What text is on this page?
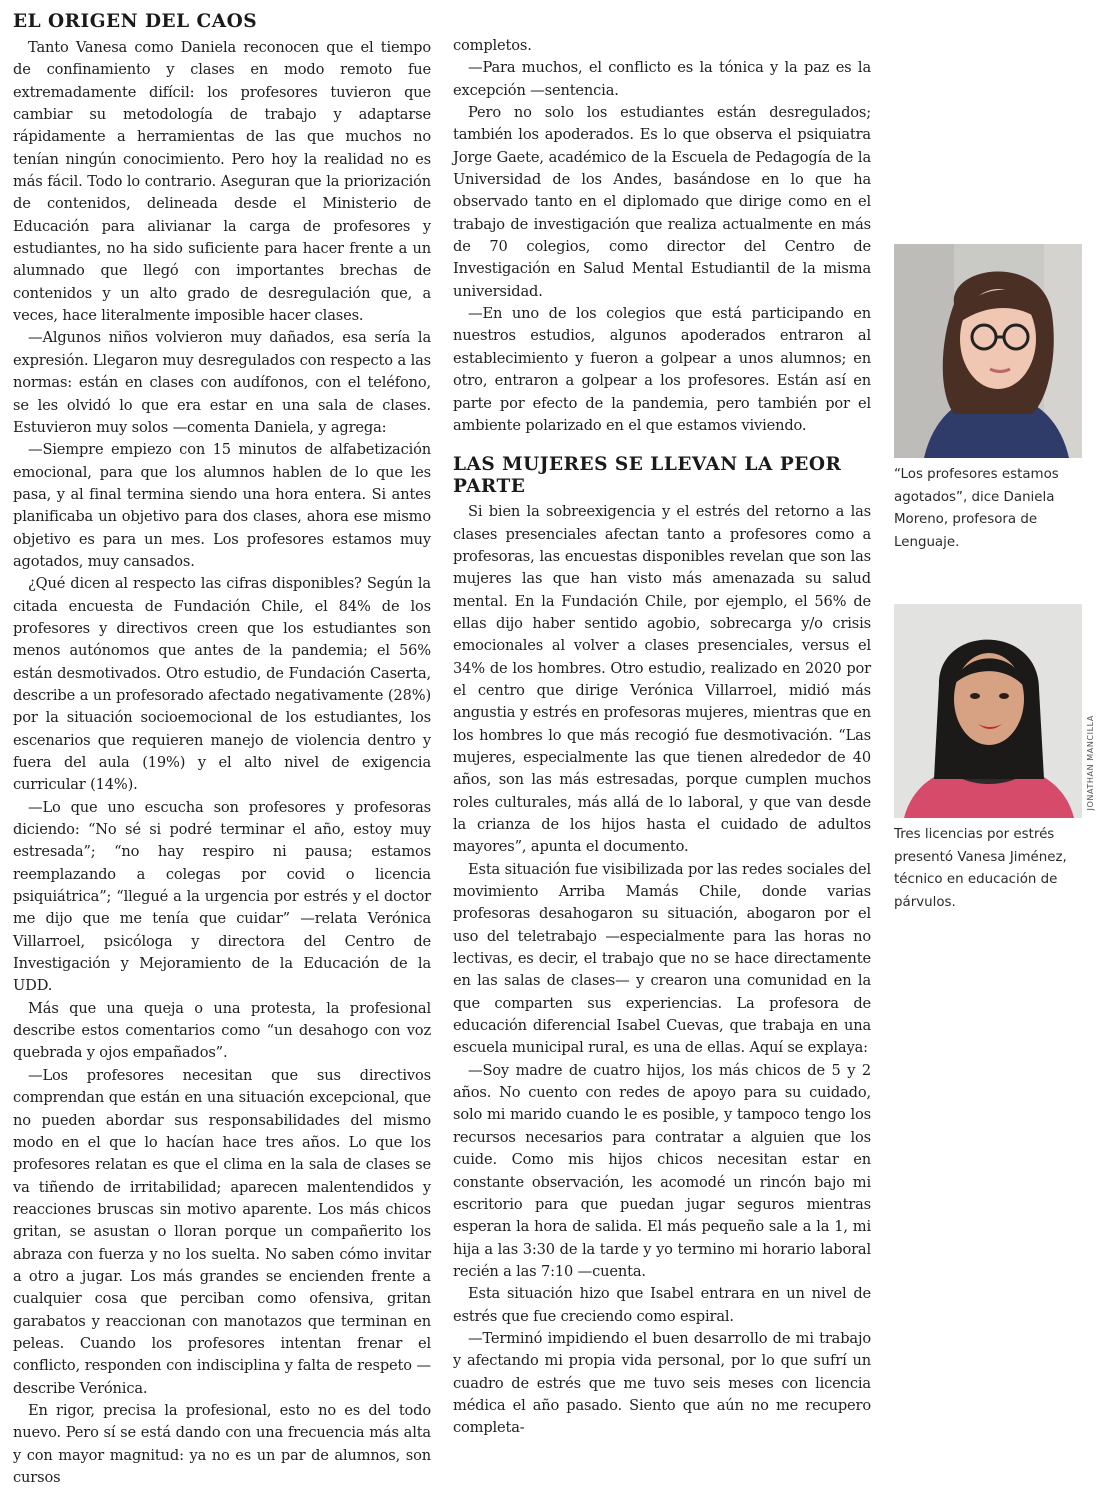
EL ORIGEN DEL CAOS

Tanto Vanesa como Daniela reconocen que el tiempo de confinamiento y clases en modo remoto fue extremadamente difícil: los profesores tuvieron que cambiar su metodología de trabajo y adaptarse rápidamente a herramientas de las que muchos no tenían ningún conocimiento. Pero hoy la realidad no es más fácil. Todo lo contrario. Aseguran que la priorización de contenidos, delineada desde el Ministerio de Educación para alivianar la carga de profesores y estudiantes, no ha sido suficiente para hacer frente a un alumnado que llegó con importantes brechas de contenidos y un alto grado de desregulación que, a veces, hace literalmente imposible hacer clases.

—Algunos niños volvieron muy dañados, esa sería la expresión. Llegaron muy desregulados con respecto a las normas: están en clases con audífonos, con el teléfono, se les olvidó lo que era estar en una sala de clases. Estuvieron muy solos —comenta Daniela, y agrega:

—Siempre empiezo con 15 minutos de alfabetización emocional, para que los alumnos hablen de lo que les pasa, y al final termina siendo una hora entera. Si antes planificaba un objetivo para dos clases, ahora ese mismo objetivo es para un mes. Los profesores estamos muy agotados, muy cansados.

¿Qué dicen al respecto las cifras disponibles? Según la citada encuesta de Fundación Chile, el 84% de los profesores y directivos creen que los estudiantes son menos autónomos que antes de la pandemia; el 56% están desmotivados. Otro estudio, de Fundación Caserta, describe a un profesorado afectado negativamente (28%) por la situación socioemocional de los estudiantes, los escenarios que requieren manejo de violencia dentro y fuera del aula (19%) y el alto nivel de exigencia curricular (14%).

—Lo que uno escucha son profesores y profesoras diciendo: “No sé si podré terminar el año, estoy muy estresada”; “no hay respiro ni pausa; estamos reemplazando a colegas por covid o licencia psiquiátrica”; “llegué a la urgencia por estrés y el doctor me dijo que me tenía que cuidar” —relata Verónica Villarroel, psicóloga y directora del Centro de Investigación y Mejoramiento de la Educación de la UDD.

Más que una queja o una protesta, la profesional describe estos comentarios como “un desahogo con voz quebrada y ojos empañados”.

—Los profesores necesitan que sus directivos comprendan que están en una situación excepcional, que no pueden abordar sus responsabilidades del mismo modo en el que lo hacían hace tres años. Lo que los profesores relatan es que el clima en la sala de clases se va tiñendo de irritabilidad; aparecen malentendidos y reacciones bruscas sin motivo aparente. Los más chicos gritan, se asustan o lloran porque un compañerito los abraza con fuerza y no los suelta. No saben cómo invitar a otro a jugar. Los más grandes se encienden frente a cualquier cosa que perciban como ofensiva, gritan garabatos y reaccionan con manotazos que terminan en peleas. Cuando los profesores intentan frenar el conflicto, responden con indisciplina y falta de respeto —describe Verónica.

En rigor, precisa la profesional, esto no es del todo nuevo. Pero sí se está dando con una frecuencia más alta y con mayor magnitud: ya no es un par de alumnos, son cursos

completos.

—Para muchos, el conflicto es la tónica y la paz es la excepción —sentencia.

Pero no solo los estudiantes están desregulados; también los apoderados. Es lo que observa el psiquiatra Jorge Gaete, académico de la Escuela de Pedagogía de la Universidad de los Andes, basándose en lo que ha observado tanto en el diplomado que dirige como en el trabajo de investigación que realiza actualmente en más de 70 colegios, como director del Centro de Investigación en Salud Mental Estudiantil de la misma universidad.

—En uno de los colegios que está participando en nuestros estudios, algunos apoderados entraron al establecimiento y fueron a golpear a unos alumnos; en otro, entraron a golpear a los profesores. Están así en parte por efecto de la pandemia, pero también por el ambiente polarizado en el que estamos viviendo.

LAS MUJERES SE LLEVAN LA PEOR PARTE

Si bien la sobreexigencia y el estrés del retorno a las clases presenciales afectan tanto a profesores como a profesoras, las encuestas disponibles revelan que son las mujeres las que han visto más amenazada su salud mental. En la Fundación Chile, por ejemplo, el 56% de ellas dijo haber sentido agobio, sobrecarga y/o crisis emocionales al volver a clases presenciales, versus el 34% de los hombres. Otro estudio, realizado en 2020 por el centro que dirige Verónica Villarroel, midió más angustia y estrés en profesoras mujeres, mientras que en los hombres lo que más recogió fue desmotivación. “Las mujeres, especialmente las que tienen alrededor de 40 años, son las más estresadas, porque cumplen muchos roles culturales, más allá de lo laboral, y que van desde la crianza de los hijos hasta el cuidado de adultos mayores”, apunta el documento.

Esta situación fue visibilizada por las redes sociales del movimiento Arriba Mamás Chile, donde varias profesoras desahogaron su situación, abogaron por el uso del teletrabajo —especialmente para las horas no lectivas, es decir, el trabajo que no se hace directamente en las salas de clases— y crearon una comunidad en la que comparten sus experiencias. La profesora de educación diferencial Isabel Cuevas, que trabaja en una escuela municipal rural, es una de ellas. Aquí se explaya:

—Soy madre de cuatro hijos, los más chicos de 5 y 2 años. No cuento con redes de apoyo para su cuidado, solo mi marido cuando le es posible, y tampoco tengo los recursos necesarios para contratar a alguien que los cuide. Como mis hijos chicos necesitan estar en constante observación, les acomodé un rincón bajo mi escritorio para que puedan jugar seguros mientras esperan la hora de salida. El más pequeño sale a la 1, mi hija a las 3:30 de la tarde y yo termino mi horario laboral recién a las 7:10 —cuenta.

Esta situación hizo que Isabel entrara en un nivel de estrés que fue creciendo como espiral.

—Terminó impidiendo el buen desarrollo de mi trabajo y afectando mi propia vida personal, por lo que sufrí un cuadro de estrés que me tuvo seis meses con licencia médica el año pasado. Siento que aún no me recupero completa-

“Los profesores estamos agotados”, dice Daniela Moreno, profesora de Lenguaje.
Tres licencias por estrés presentó Vanesa Jiménez, técnico en educación de párvulos.
JONATHAN MANCILLA
